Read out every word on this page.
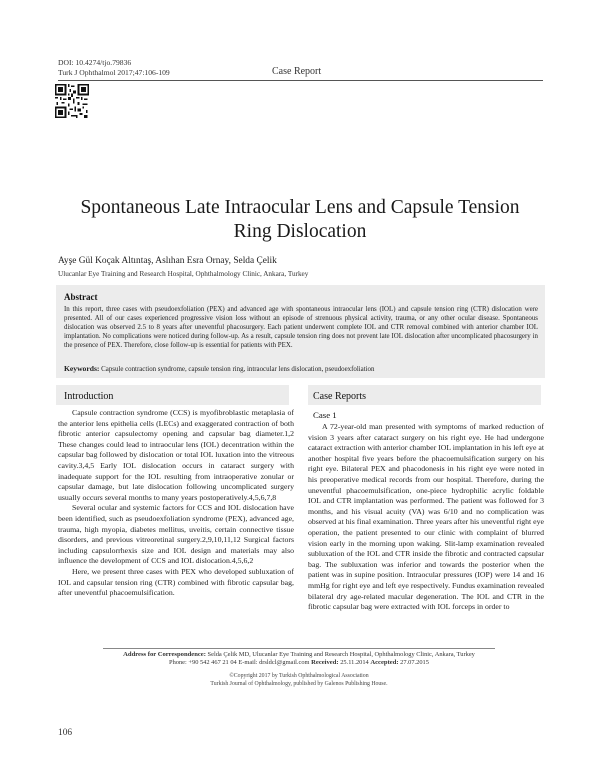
DOI: 10.4274/tjo.79836
Turk J Ophthalmol 2017;47:106-109	Case Report
Spontaneous Late Intraocular Lens and Capsule Tension
Ring Dislocation
Ayşe Gül Koçak Altıntaş, Aslıhan Esra Ornay, Selda Çelik
Ulucanlar Eye Training and Research Hospital, Ophthalmology Clinic, Ankara, Turkey
Abstract
In this report, three cases with pseudoexfoliation (PEX) and advanced age with spontaneous intraocular lens (IOL) and capsule tension ring (CTR) dislocation were presented. All of our cases experienced progressive vision loss without an episode of strenuous physical activity, trauma, or any other ocular disease. Spontaneous dislocation was observed 2.5 to 8 years after uneventful phacosurgery. Each patient underwent complete IOL and CTR removal combined with anterior chamber IOL implantation. No complications were noticed during follow-up. As a result, capsule tension ring does not prevent late IOL dislocation after uncomplicated phacosurgery in the presence of PEX. Therefore, close follow-up is essential for patients with PEX.
Keywords: Capsule contraction syndrome, capsule tension ring, intraocular lens dislocation, pseudoexfoliation
Introduction	Case Reports

Capsule contraction syndrome (CCS) is myofibroblastic metaplasia of the anterior lens epithelia cells (LECs) and exaggerated contraction of both fibrotic anterior capsulectomy opening and capsular bag diameter.1,2 These changes could lead to intraocular lens (IOL) decentration within the capsular bag followed by dislocation or total IOL luxation into the vitreous cavity.3,4,5 Early IOL dislocation occurs in cataract surgery with inadequate support for the IOL resulting from intraoperative zonular or capsular damage, but late dislocation following uncomplicated surgery usually occurs several months to many years postoperatively.4,5,6,7,8

Several ocular and systemic factors for CCS and IOL dislocation have been identified, such as pseudoexfoliation syndrome (PEX), advanced age, trauma, high myopia, diabetes mellitus, uveitis, certain connective tissue disorders, and previous vitreoretinal surgery.2,9,10,11,12 Surgical factors including capsulorrhexis size and IOL design and materials may also influence the development of CCS and IOL dislocation.4,5,6,2

Here, we present three cases with PEX who developed subluxation of IOL and capsular tension ring (CTR) combined with fibrotic capsular bag, after uneventful phacoemulsification.

Case 1

A 72-year-old man presented with symptoms of marked reduction of vision 3 years after cataract surgery on his right eye. He had undergone cataract extraction with anterior chamber IOL implantation in his left eye at another hospital five years before the phacoemulsification surgery on his right eye. Bilateral PEX and phacodonesis in his right eye were noted in his preoperative medical records from our hospital. Therefore, during the uneventful phacoemulsification, one-piece hydrophilic acrylic foldable IOL and CTR implantation was performed. The patient was followed for 3 months, and his visual acuity (VA) was 6/10 and no complication was observed at his final examination. Three years after his uneventful right eye operation, the patient presented to our clinic with complaint of blurred vision early in the morning upon waking. Slit-lamp examination revealed subluxation of the IOL and CTR inside the fibrotic and contracted capsular bag. The subluxation was inferior and towards the posterior when the patient was in supine position. Intraocular pressures (IOP) were 14 and 16 mmHg for right eye and left eye respectively. Fundus examination revealed bilateral dry age-related macular degeneration. The IOL and CTR in the fibrotic capsular bag were extracted with IOL forceps in order to

Address for Correspondence: Selda Çelik MD, Ulucanlar Eye Training and Research Hospital, Ophthalmology Clinic, Ankara, Turkey
Phone: +90 542 467 21 04 E-mail: drsldcl@gmail.com Received: 25.11.2014 Accepted: 27.07.2015
©Copyright 2017 by Turkish Ophthalmological Association
Turkish Journal of Ophthalmology, published by Galenos Publishing House.
106
